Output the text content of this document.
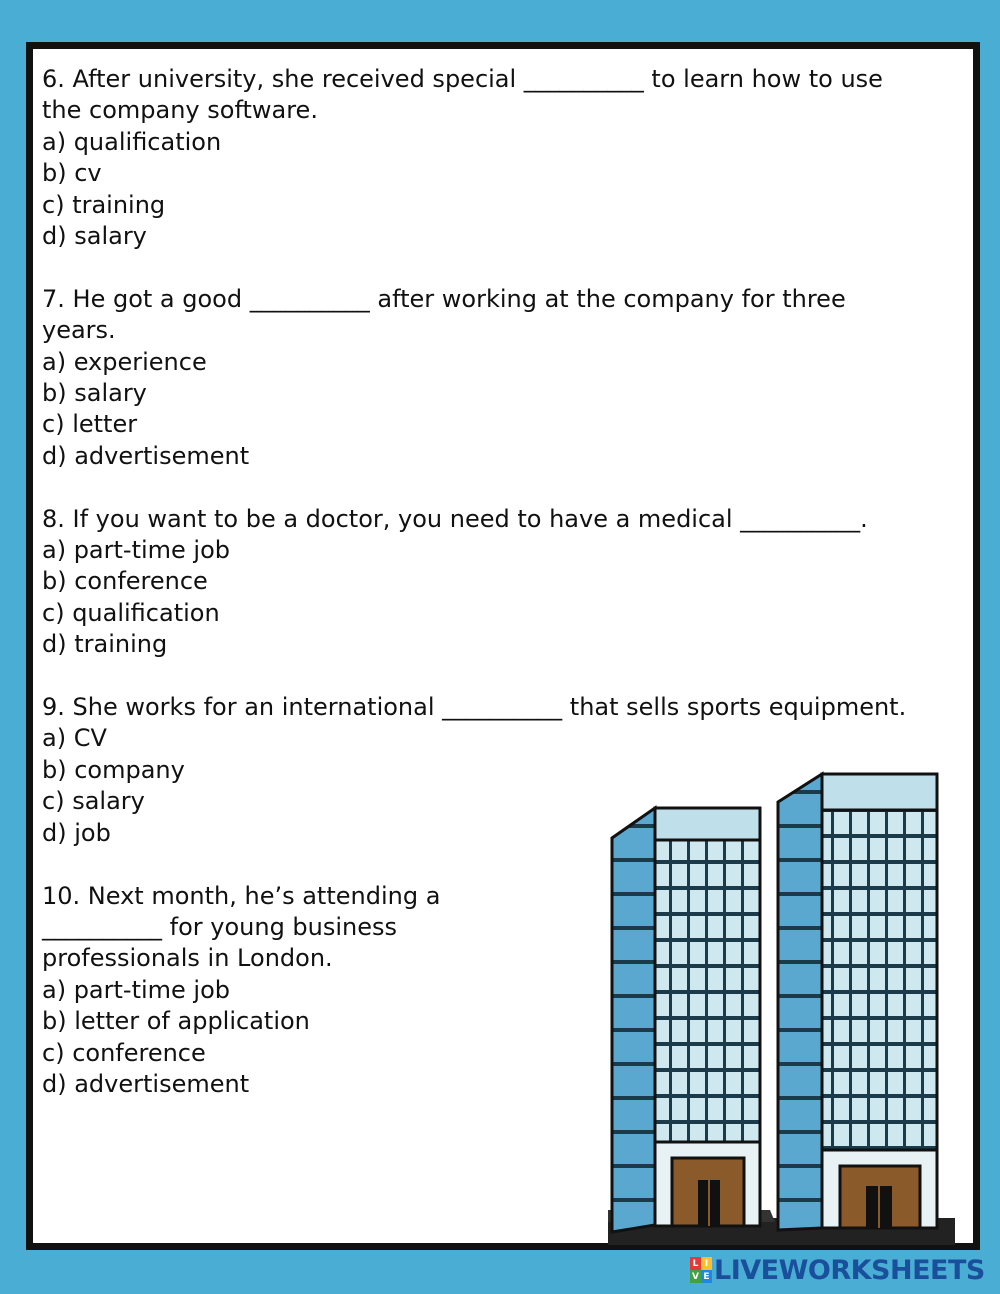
6. After university, she received special __________ to learn how to use the company software.
a) qualification
b) cv
c) training
d) salary
7. He got a good __________ after working at the company for three years.
a) experience
b) salary
c) letter
d) advertisement
8. If you want to be a doctor, you need to have a medical __________.
a) part-time job
b) conference
c) qualification
d) training
9. She works for an international __________ that sells sports equipment.
a) CV
b) company
c) salary
d) job
10. Next month, he’s attending a __________ for young business professionals in London.
a) part-time job
b) letter of application
c) conference
d) advertisement
L I
V E LIVEWORKSHEETS
